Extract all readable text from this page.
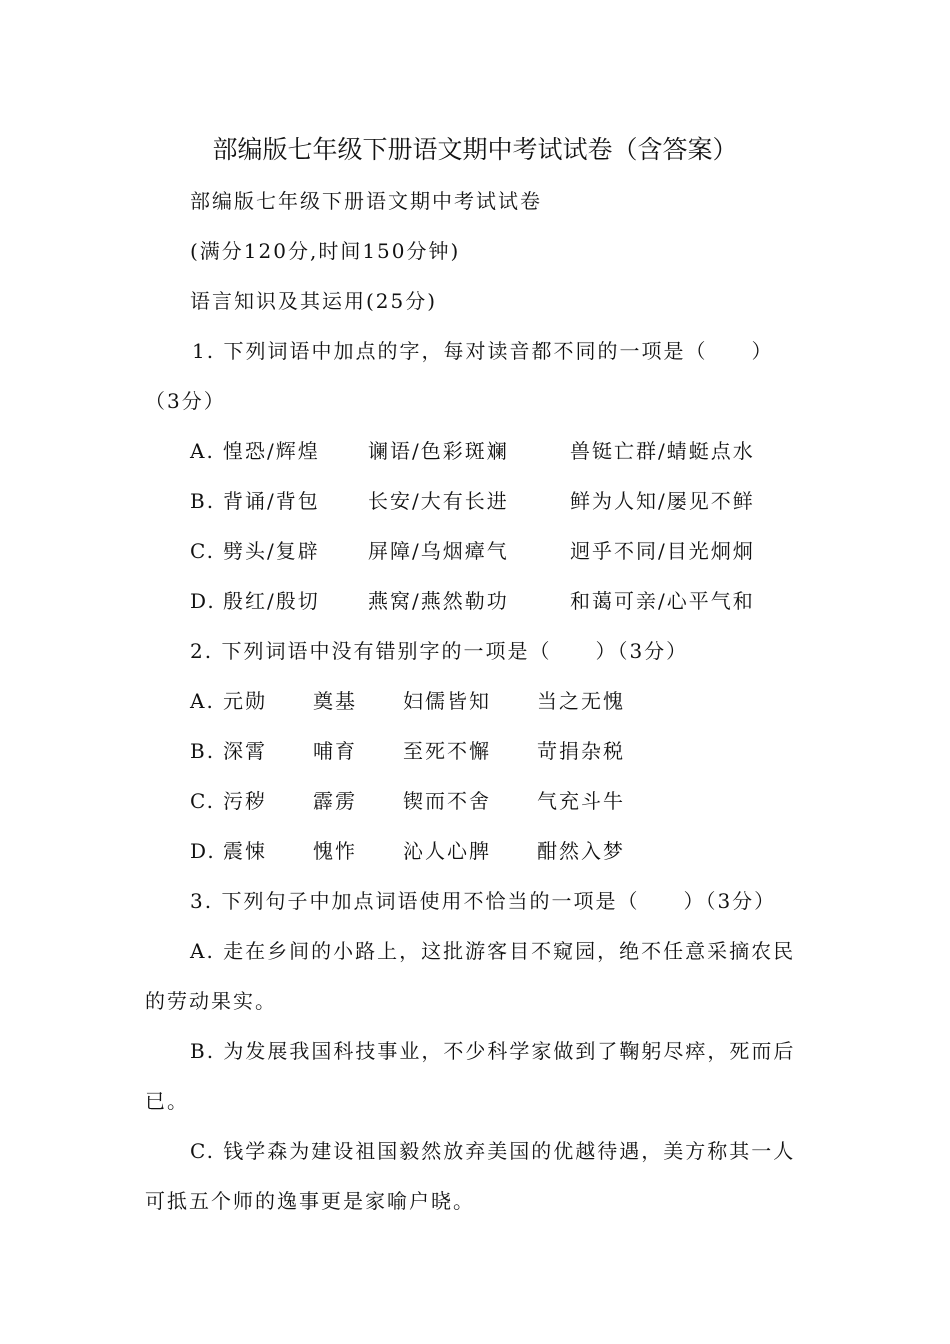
部编版七年级下册语文期中考试试卷（含答案）
部编版七年级下册语文期中考试试卷
(满分120分,时间150分钟)
语言知识及其运用(25分)
1. 下列词语中加点的字，每对读音都不同的一项是（　　）
（3分）
A. 惶恐/辉煌 谰语/色彩斑斓	兽铤亡群/蜻蜓点水
B. 背诵/背包 长安/大有长进	鲜为人知/屡见不鲜
C. 劈头/复辟 屏障/乌烟瘴气	迥乎不同/目光炯炯
D. 殷红/殷切 燕窝/燕然勒功	和蔼可亲/心平气和
2. 下列词语中没有错别字的一项是（　　）（3分）
A. 元勋 奠基 妇儒皆知 当之无愧
B. 深霄 哺育 至死不懈 苛捐杂税
C. 污秽 霹雳 锲而不舍 气充斗牛
D. 震悚 愧怍 沁人心脾 酣然入梦
3. 下列句子中加点词语使用不恰当的一项是（　　）（3分）
A. 走在乡间的小路上，这批游客目不窥园，绝不任意采摘农民
的劳动果实。
B. 为发展我国科技事业，不少科学家做到了鞠躬尽瘁，死而后
已。
C. 钱学森为建设祖国毅然放弃美国的优越待遇，美方称其一人
可抵五个师的逸事更是家喻户晓。
